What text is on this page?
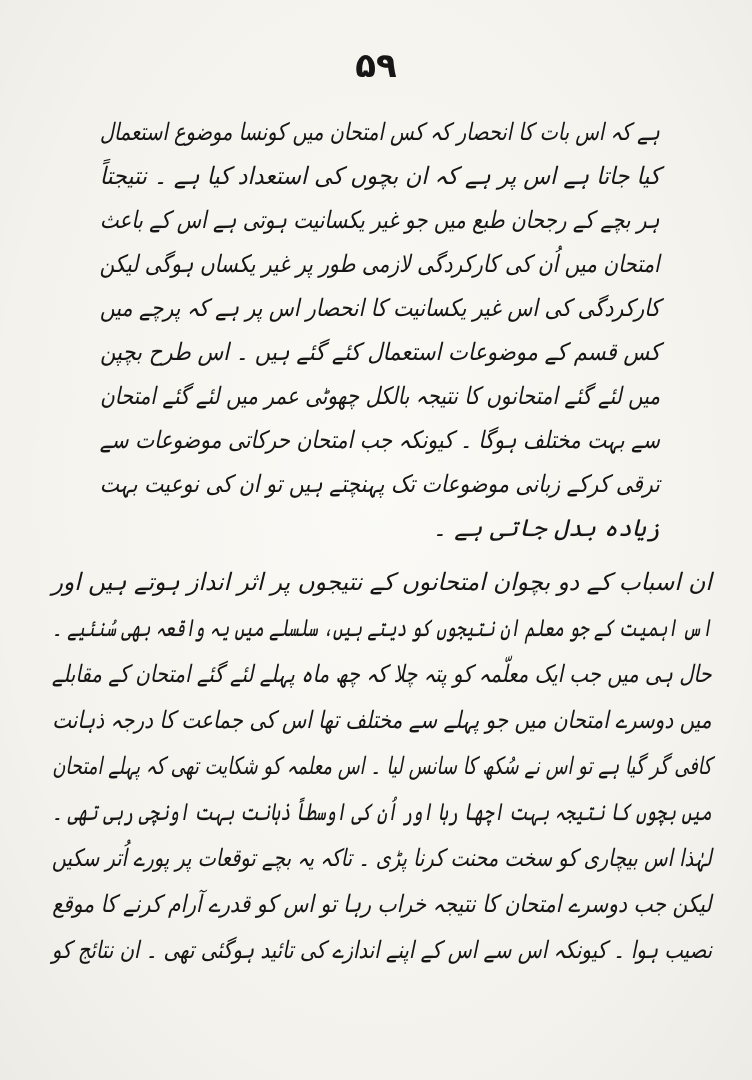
۵۹
ہے کہ اس بات کا انحصار کہ کس امتحان میں کونسا موضوع استعمال
کیا جاتا ہے اس پر ہے کہ ان بچوں کی استعداد کیا ہے ۔ نتیجتاً
ہر بچے کے رجحان طبع میں جو غیر یکسانیت ہوتی ہے اس کے باعث
امتحان میں اُن کی کارکردگی لازمی طور پر غیر یکساں ہوگی لیکن
کارکردگی کی اس غیر یکسانیت کا انحصار اس پر ہے کہ پرچے میں
کس قسم کے موضوعات استعمال کئے گئے ہیں ۔ اس طرح بچپن
میں لئے گئے امتحانوں کا نتیجہ بالکل چھوٹی عمر میں لئے گئے امتحان
سے بہت مختلف ہوگا ۔ کیونکہ جب امتحان حرکاتی موضوعات سے
ترقی کرکے زبانی موضوعات تک پہنچتے ہیں تو ان کی نوعیت بہت
زیادہ بدل جاتی ہے ۔
ان اسباب کے دو بچوان امتحانوں کے نتیجوں پر اثر انداز ہوتے ہیں اور
اس اہمیت کے جو معلم ان نتیجوں کو دیتے ہیں، سلسلے میں یہ واقعہ بھی سُنئیے ۔
حال ہی میں جب ایک معلّمہ کو پتہ چلا کہ چھ ماہ پہلے لئے گئے امتحان کے مقابلے
میں دوسرے امتحان میں جو پہلے سے مختلف تھا اس کی جماعت کا درجہ ذہانت
کافی گر گیا ہے تو اس نے سُکھ کا سانس لیا ۔ اس معلمہ کو شکایت تھی کہ پہلے امتحان
میں بچوں کا نتیجہ بہت اچھا رہا اور اُن کی اوسطاً ذہانت بہت اونچی رہی تھی ۔
لہٰذا اس بیچاری کو سخت محنت کرنا پڑی ۔ تاکہ یہ بچے توقعات پر پورے اُتر سکیں
لیکن جب دوسرے امتحان کا نتیجہ خراب رہا تو اس کو قدرے آرام کرنے کا موقع
نصیب ہوا ۔ کیونکہ اس سے اس کے اپنے اندازے کی تائید ہوگئی تھی ۔ ان نتائج کو
